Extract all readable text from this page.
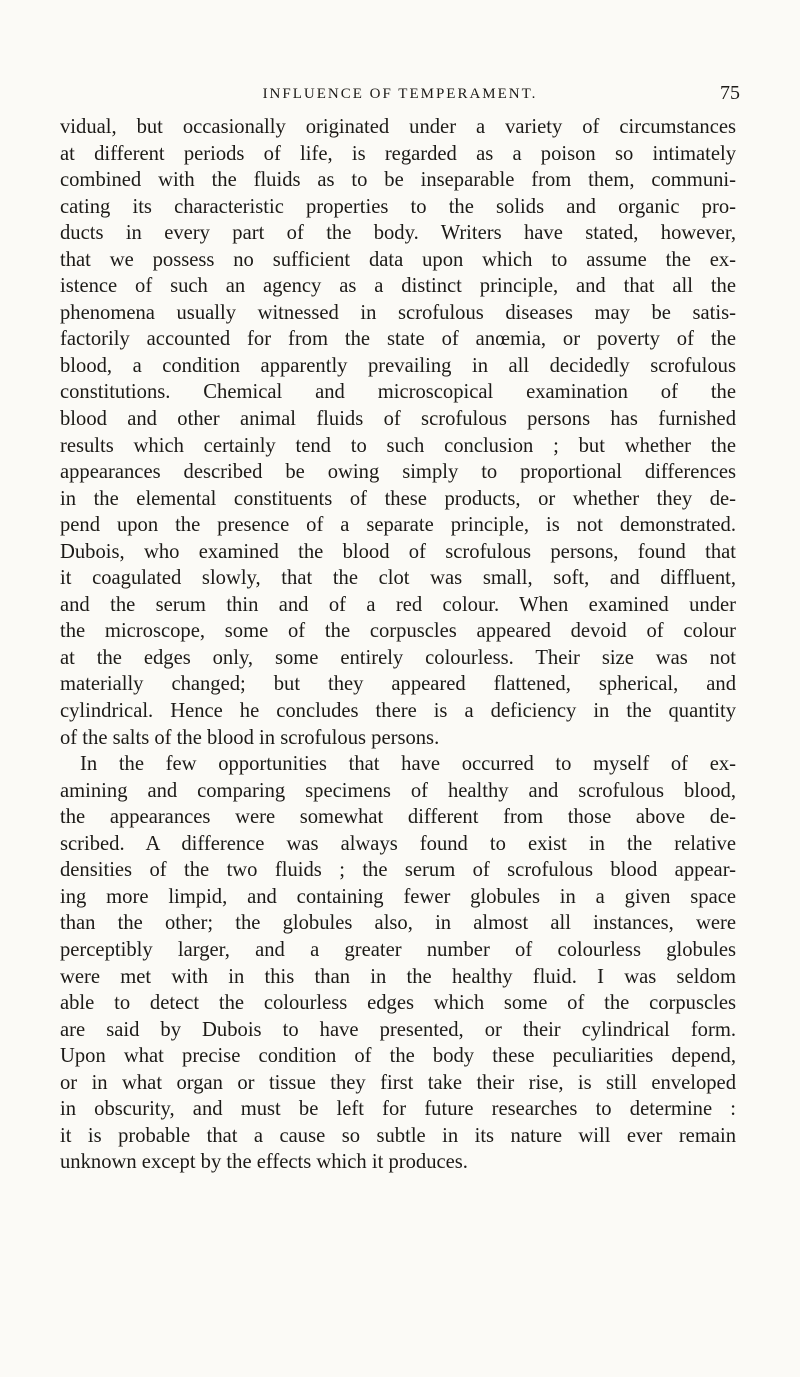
INFLUENCE OF TEMPERAMENT.	75
vidual, but occasionally originated under a variety of circumstances
at different periods of life, is regarded as a poison so intimately
combined with the fluids as to be inseparable from them, communi-
cating its characteristic properties to the solids and organic pro-
ducts in every part of the body. Writers have stated, however,
that we possess no sufficient data upon which to assume the ex-
istence of such an agency as a distinct principle, and that all the
phenomena usually witnessed in scrofulous diseases may be satis-
factorily accounted for from the state of anœmia, or poverty of the
blood, a condition apparently prevailing in all decidedly scrofulous
constitutions. Chemical and microscopical examination of the
blood and other animal fluids of scrofulous persons has furnished
results which certainly tend to such conclusion ; but whether the
appearances described be owing simply to proportional differences
in the elemental constituents of these products, or whether they de-
pend upon the presence of a separate principle, is not demonstrated.
Dubois, who examined the blood of scrofulous persons, found that
it coagulated slowly, that the clot was small, soft, and diffluent,
and the serum thin and of a red colour. When examined under
the microscope, some of the corpuscles appeared devoid of colour
at the edges only, some entirely colourless. Their size was not
materially changed; but they appeared flattened, spherical, and
cylindrical. Hence he concludes there is a deficiency in the quantity
of the salts of the blood in scrofulous persons.
In the few opportunities that have occurred to myself of ex-
amining and comparing specimens of healthy and scrofulous blood,
the appearances were somewhat different from those above de-
scribed. A difference was always found to exist in the relative
densities of the two fluids ; the serum of scrofulous blood appear-
ing more limpid, and containing fewer globules in a given space
than the other; the globules also, in almost all instances, were
perceptibly larger, and a greater number of colourless globules
were met with in this than in the healthy fluid. I was seldom
able to detect the colourless edges which some of the corpuscles
are said by Dubois to have presented, or their cylindrical form.
Upon what precise condition of the body these peculiarities depend,
or in what organ or tissue they first take their rise, is still enveloped
in obscurity, and must be left for future researches to determine :
it is probable that a cause so subtle in its nature will ever remain
unknown except by the effects which it produces.
